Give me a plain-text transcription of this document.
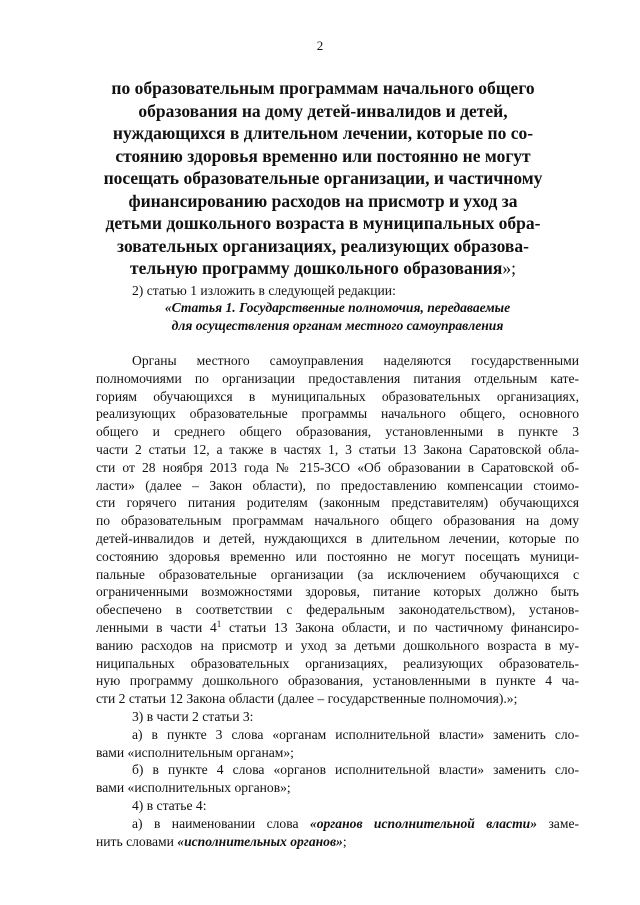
2
по образовательным программам начального общего
образования на дому детей-инвалидов и детей,
нуждающихся в длительном лечении, которые по со-
стоянию здоровья временно или постоянно не могут
посещать образовательные организации, и частичному
финансированию расходов на присмотр и уход за
детьми дошкольного возраста в муниципальных обра-
зовательных организациях, реализующих образова-
тельную программу дошкольного образования»;
2) статью 1 изложить в следующей редакции:
«Статья 1. Государственные полномочия, передаваемые
для осуществления органам местного самоуправления
Органы местного самоуправления наделяются государственными
полномочиями по организации предоставления питания отдельным кате-
гориям обучающихся в муниципальных образовательных организациях,
реализующих образовательные программы начального общего, основного
общего и среднего общего образования, установленными в пункте 3
части 2 статьи 12, а также в частях 1, 3 статьи 13 Закона Саратовской обла-
сти от 28 ноября 2013 года № 215-ЗСО «Об образовании в Саратовской об-
ласти» (далее – Закон области), по предоставлению компенсации стоимо-
сти горячего питания родителям (законным представителям) обучающихся
по образовательным программам начального общего образования на дому
детей-инвалидов и детей, нуждающихся в длительном лечении, которые по
состоянию здоровья временно или постоянно не могут посещать муници-
пальные образовательные организации (за исключением обучающихся с
ограниченными возможностями здоровья, питание которых должно быть
обеспечено в соответствии с федеральным законодательством), установ-
ленными в части $4^1$ статьи 13 Закона области, и по частичному финансиро-
ванию расходов на присмотр и уход за детьми дошкольного возраста в му-
ниципальных образовательных организациях, реализующих образователь-
ную программу дошкольного образования, установленными в пункте 4 ча-
сти 2 статьи 12 Закона области (далее – государственные полномочия).»;
3) в части 2 статьи 3:
а) в пункте 3 слова «органам исполнительной власти» заменить сло-
вами «исполнительным органам»;
б) в пункте 4 слова «органов исполнительной власти» заменить сло-
вами «исполнительных органов»;
4) в статье 4:
а) в наименовании слова «органов исполнительной власти» заме-
нить словами «исполнительных органов»;
